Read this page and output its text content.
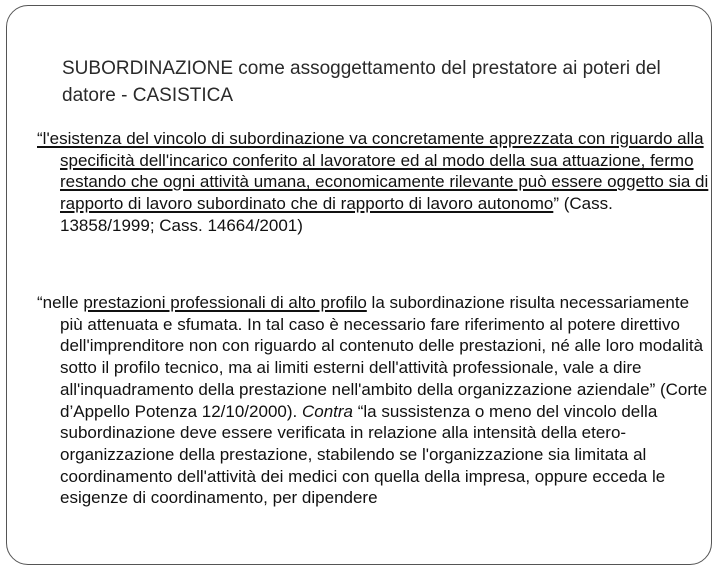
SUBORDINAZIONE come assoggettamento del prestatore ai poteri del datore - CASISTICA
“l'esistenza del vincolo di subordinazione va concretamente apprezzata con riguardo alla specificità dell'incarico conferito al lavoratore ed al modo della sua attuazione, fermo restando che ogni attività umana, economicamente rilevante può essere oggetto sia di rapporto di lavoro subordinato che di rapporto di lavoro autonomo” (Cass. 13858/1999; Cass. 14664/2001)
“nelle prestazioni professionali di alto profilo la subordinazione risulta necessariamente più attenuata e sfumata. In tal caso è necessario fare riferimento al potere direttivo dell'imprenditore non con riguardo al contenuto delle prestazioni, né alle loro modalità sotto il profilo tecnico, ma ai limiti esterni dell'attività professionale, vale a dire all'inquadramento della prestazione nell'ambito della organizzazione aziendale” (Corte d’Appello Potenza 12/10/2000). Contra “la sussistenza o meno del vincolo della subordinazione deve essere verificata in relazione alla intensità della etero-organizzazione della prestazione, stabilendo se l'organizzazione sia limitata al coordinamento dell'attività dei medici con quella della impresa, oppure ecceda le esigenze di coordinamento, per dipendere
